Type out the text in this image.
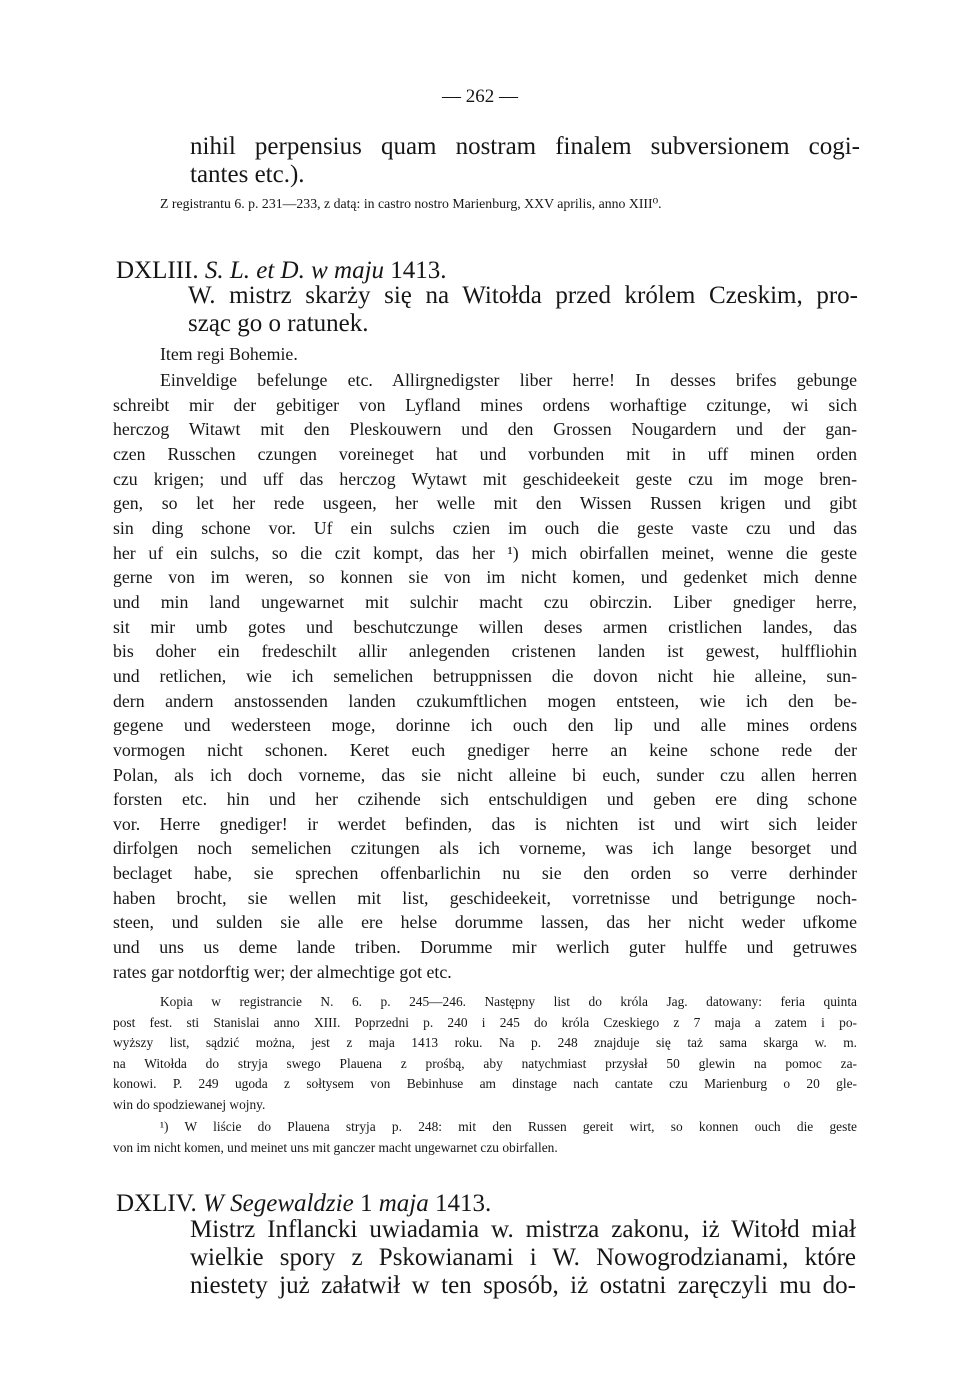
— 262 —
nihil perpensius quam nostram finalem subversionem cogi-
tantes etc.).
Z registrantu 6. p. 231—233, z datą: in castro nostro Marienburg, XXV aprilis, anno XIII⁰.
DXLIII. S. L. et D. w maju 1413.
W. mistrz skarży się na Witołda przed królem Czeskim, pro-
sząc go o ratunek.
Item regi Bohemie.
Einveldige befelunge etc. Allirgnedigster liber herre! In desses brifes gebunge
schreibt mir der gebitiger von Lyfland mines ordens worhaftige czitunge, wi sich
herczog Witawt mit den Pleskouwern und den Grossen Nougardern und der gan-
czen Russchen czungen voreineget hat und vorbunden mit in uff minen orden
czu krigen; und uff das herczog Wytawt mit geschideekeit geste czu im moge bren-
gen, so let her rede usgeen, her welle mit den Wissen Russen krigen und gibt
sin ding schone vor. Uf ein sulchs czien im ouch die geste vaste czu und das
her uf ein sulchs, so die czit kompt, das her ¹) mich obirfallen meinet, wenne die geste
gerne von im weren, so konnen sie von im nicht komen, und gedenket mich denne
und min land ungewarnet mit sulchir macht czu obirczin. Liber gnediger herre,
sit mir umb gotes und beschutczunge willen deses armen cristlichen landes, das
bis doher ein fredeschilt allir anlegenden cristenen landen ist gewest, hulffliohin
und retlichen, wie ich semelichen betruppnissen die dovon nicht hie alleine, sun-
dern andern anstossenden landen czukumftlichen mogen entsteen, wie ich den be-
gegene und wedersteen moge, dorinne ich ouch den lip und alle mines ordens
vormogen nicht schonen. Keret euch gnediger herre an keine schone rede der
Polan, als ich doch vorneme, das sie nicht alleine bi euch, sunder czu allen herren
forsten etc. hin und her czihende sich entschuldigen und geben ere ding schone
vor. Herre gnediger! ir werdet befinden, das is nichten ist und wirt sich leider
dirfolgen noch semelichen czitungen als ich vorneme, was ich lange besorget und
beclaget habe, sie sprechen offenbarlichin nu sie den orden so verre derhinder
haben brocht, sie wellen mit list, geschideekeit, vorretnisse und betrigunge noch-
steen, und sulden sie alle ere helse dorumme lassen, das her nicht weder ufkome
und uns us deme lande triben. Dorumme mir werlich guter hulffe und getruwes
rates gar notdorftig wer; der almechtige got etc.
Kopia w registrancie N. 6. p. 245—246. Następny list do króla Jag. datowany: feria quinta
post fest. sti Stanislai anno XIII. Poprzedni p. 240 i 245 do króla Czeskiego z 7 maja a zatem i po-
wyższy list, sądzić można, jest z maja 1413 roku. Na p. 248 znajduje się taż sama skarga w. m.
na Witołda do stryja swego Plauena z prośbą, aby natychmiast przysłał 50 glewin na pomoc za-
konowi. P. 249 ugoda z sołtysem von Bebinhuse am dinstage nach cantate czu Marienburg o 20 gle-
win do spodziewanej wojny.
¹) W liście do Plauena stryja p. 248: mit den Russen gereit wirt, so konnen ouch die geste
von im nicht komen, und meinet uns mit ganczer macht ungewarnet czu obirfallen.
DXLIV. W Segewaldzie 1 maja 1413.
Mistrz Inflancki uwiadamia w. mistrza zakonu, iż Witołd miał
wielkie spory z Pskowianami i W. Nowogrodzianami, które
niestety już załatwił w ten sposób, iż ostatni zaręczyli mu do-
